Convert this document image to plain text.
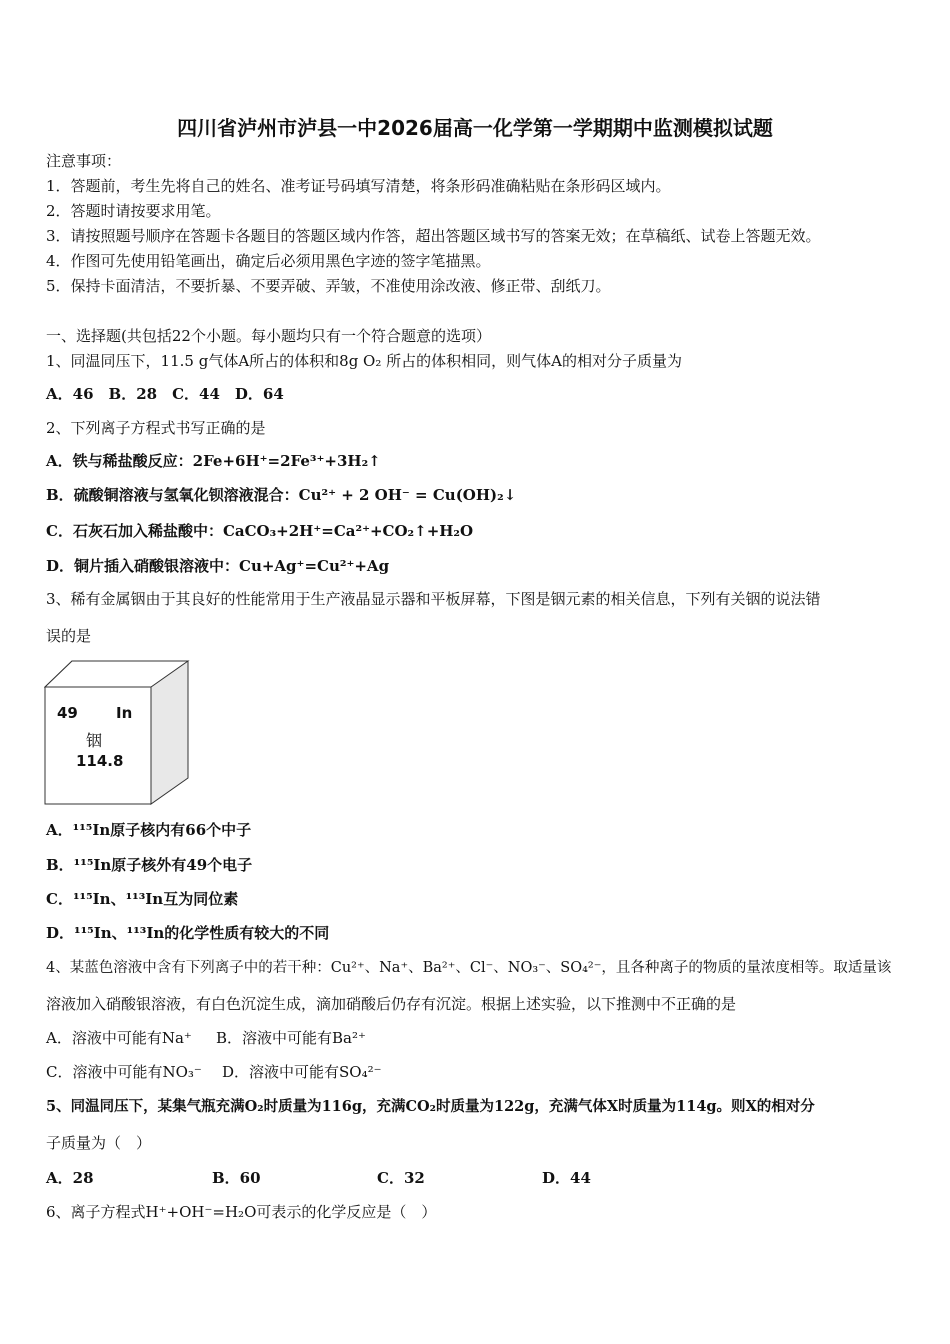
四川省泸州市泸县一中2026届高一化学第一学期期中监测模拟试题
注意事项：
1．答题前，考生先将自己的姓名、准考证号码填写清楚，将条形码准确粘贴在条形码区域内。
2．答题时请按要求用笔。
3．请按照题号顺序在答题卡各题目的答题区域内作答，超出答题区域书写的答案无效；在草稿纸、试卷上答题无效。
4．作图可先使用铅笔画出，确定后必须用黑色字迹的签字笔描黑。
5．保持卡面清洁，不要折暴、不要弄破、弄皱，不准使用涂改液、修正带、刮纸刀。
一、选择题(共包括22个小题。每小题均只有一个符合题意的选项）
1、同温同压下，11.5 g气体A所占的体积和8g O₂ 所占的体积相同，则气体A的相对分子质量为
A．46　B．28　C．44　D．64
2、下列离子方程式书写正确的是
A．铁与稀盐酸反应：2Fe+6H⁺=2Fe³⁺+3H₂↑
B．硫酸铜溶液与氢氧化钡溶液混合：Cu²⁺ + 2 OH⁻ = Cu(OH)₂↓
C．石灰石加入稀盐酸中：CaCO₃+2H⁺=Ca²⁺+CO₂↑+H₂O
D．铜片插入硝酸银溶液中：Cu+Ag⁺=Cu²⁺+Ag
3、稀有金属铟由于其良好的性能常用于生产液晶显示器和平板屏幕，下图是铟元素的相关信息，下列有关铟的说法错
误的是
49	In
铟
114.8
A．¹¹⁵In原子核内有66个中子
B．¹¹⁵In原子核外有49个电子
C．¹¹⁵In、¹¹³In互为同位素
D．¹¹⁵In、¹¹³In的化学性质有较大的不同
4、某蓝色溶液中含有下列离子中的若干种：Cu²⁺、Na⁺、Ba²⁺、Cl⁻、NO₃⁻、SO₄²⁻，且各种离子的物质的量浓度相等。取适量该
溶液加入硝酸银溶液，有白色沉淀生成，滴加硝酸后仍存有沉淀。根据上述实验，以下推测中不正确的是
A．溶液中可能有Na⁺ B．溶液中可能有Ba²⁺
C．溶液中可能有NO₃⁻ D．溶液中可能有SO₄²⁻
5、同温同压下，某集气瓶充满O₂时质量为116g，充满CO₂时质量为122g，充满气体X时质量为114g。则X的相对分
子质量为（　）
A．28	B．60	C．32	D．44
6、离子方程式H⁺+OH⁻=H₂O可表示的化学反应是（　）
